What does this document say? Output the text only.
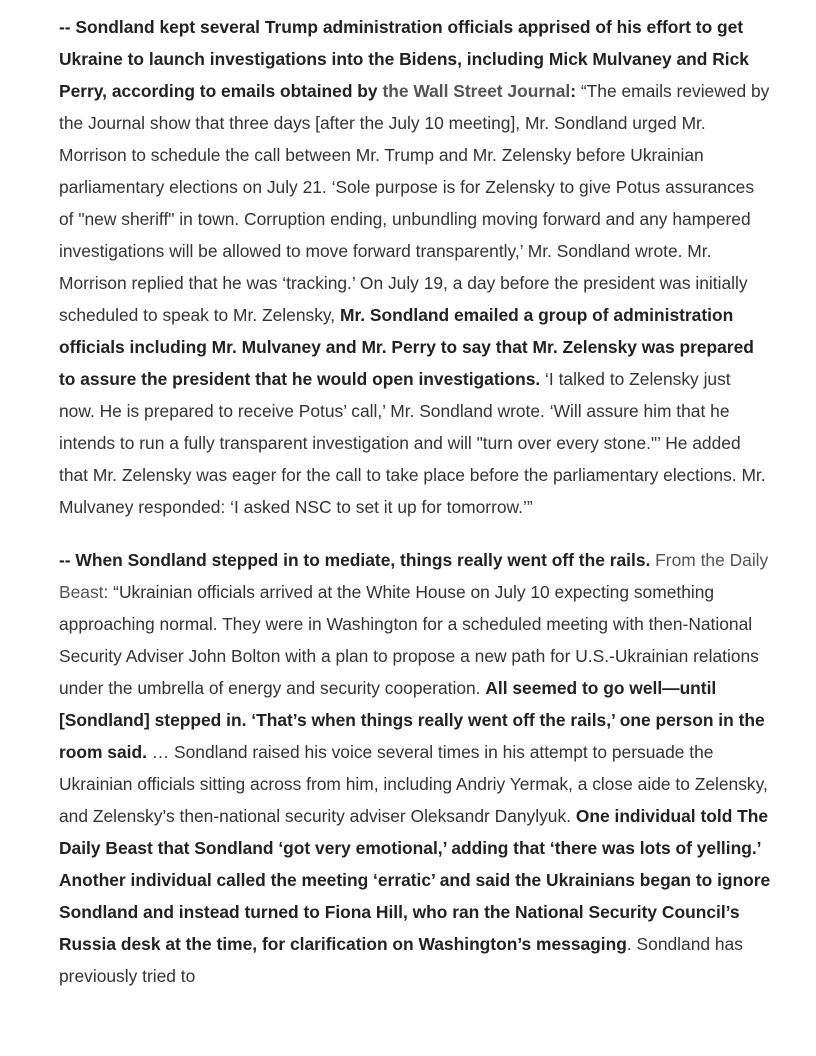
-- Sondland kept several Trump administration officials apprised of his effort to get Ukraine to launch investigations into the Bidens, including Mick Mulvaney and Rick Perry, according to emails obtained by the Wall Street Journal: “The emails reviewed by the Journal show that three days [after the July 10 meeting], Mr. Sondland urged Mr. Morrison to schedule the call between Mr. Trump and Mr. Zelensky before Ukrainian parliamentary elections on July 21. ‘Sole purpose is for Zelensky to give Potus assurances of "new sheriff" in town. Corruption ending, unbundling moving forward and any hampered investigations will be allowed to move forward transparently,’ Mr. Sondland wrote. Mr. Morrison replied that he was ‘tracking.’ On July 19, a day before the president was initially scheduled to speak to Mr. Zelensky, Mr. Sondland emailed a group of administration officials including Mr. Mulvaney and Mr. Perry to say that Mr. Zelensky was prepared to assure the president that he would open investigations. ‘I talked to Zelensky just now. He is prepared to receive Potus’ call,’ Mr. Sondland wrote. ‘Will assure him that he intends to run a fully transparent investigation and will "turn over every stone."’ He added that Mr. Zelensky was eager for the call to take place before the parliamentary elections. Mr. Mulvaney responded: ‘I asked NSC to set it up for tomorrow.’”

-- When Sondland stepped in to mediate, things really went off the rails. From the Daily Beast: “Ukrainian officials arrived at the White House on July 10 expecting something approaching normal. They were in Washington for a scheduled meeting with then-National Security Adviser John Bolton with a plan to propose a new path for U.S.-Ukrainian relations under the umbrella of energy and security cooperation. All seemed to go well—until [Sondland] stepped in. ‘That’s when things really went off the rails,’ one person in the room said. … Sondland raised his voice several times in his attempt to persuade the Ukrainian officials sitting across from him, including Andriy Yermak, a close aide to Zelensky, and Zelensky’s then-national security adviser Oleksandr Danylyuk. One individual told The Daily Beast that Sondland ‘got very emotional,’ adding that ‘there was lots of yelling.’ Another individual called the meeting ‘erratic’ and said the Ukrainians began to ignore Sondland and instead turned to Fiona Hill, who ran the National Security Council’s Russia desk at the time, for clarification on Washington’s messaging. Sondland has previously tried to
